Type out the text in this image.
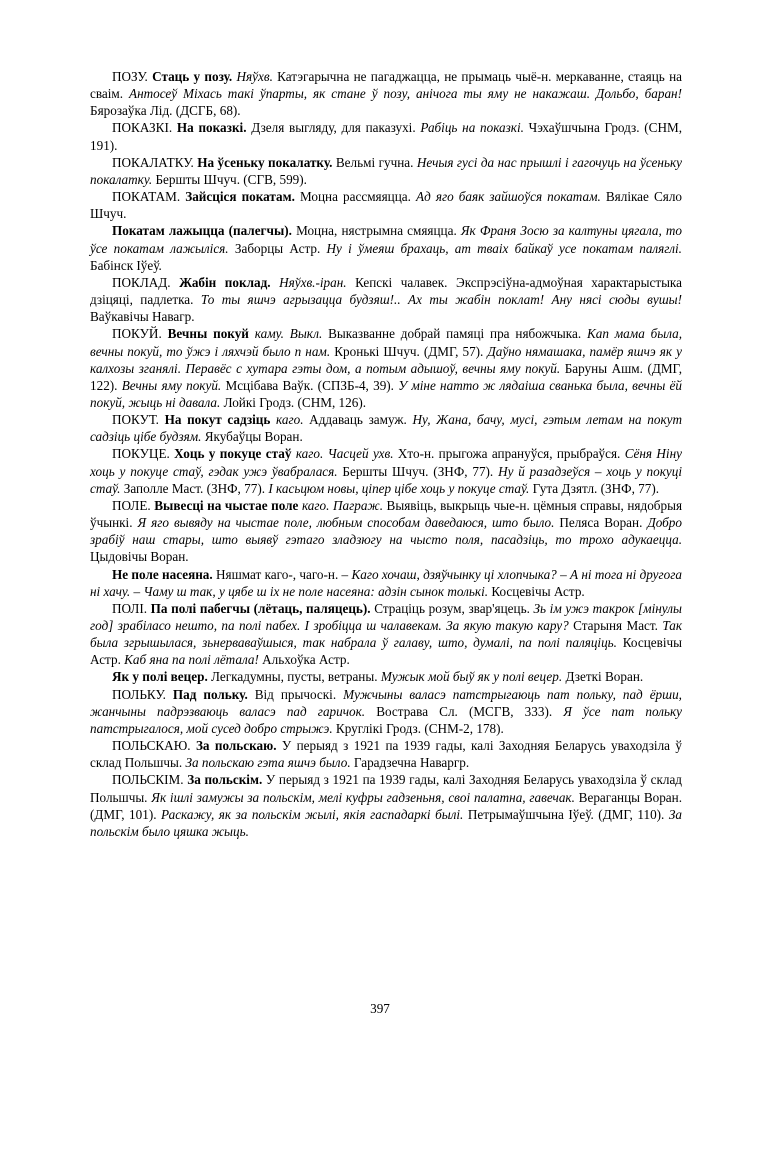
ПОЗУ. Стаць у позу. Няўхв. Катэгарычна не пагаджацца, не прымаць чыё-н. меркаванне, стаяць на сваім. Антосеў Міхась такі ўпарты, як стане ў позу, анічога ты яму не накажаш. Дольбо, баран! Бярозаўка Лід. (ДСГБ, 68).

ПОКАЗКІ. На показкі. Дзеля выгляду, для паказухі. Рабіць на показкі. Чэхаўшчына Гродз. (СНМ, 191).

ПОКАЛАТКУ. На ўсеньку покалатку. Вельмі гучна. Нечыя гусі да нас прышлі і гагочуць на ўсеньку покалатку. Бершты Шчуч. (СГВ, 599).

ПОКАТАМ. Зайсціся покатам. Моцна рассмяяцца. Ад яго баяк зайшоўся покатам. Вялікае Сяло Шчуч.

Покатам лажыцца (палегчы). Моцна, нястрымна смяяцца. Як Франя Зосю за калтуны цягала, то ўсе покатам лажыліся. Заборцы Астр. Ну і ўмеяш брахаць, ат тваіх байкаў усе покатам паляглі. Бабінск Іўеў.

ПОКЛАД. Жабін поклад. Няўхв.-іран. Кепскі чалавек. Экспрэсіўна-адмоўная характарыстыка дзіцяці, падлетка. То ты яшчэ агрызацца будзяш!.. Ах ты жабін поклат! Ану нясі сюды вушы! Ваўкавічы Навагр.

ПОКУЙ. Вечны покуй каму. Выкл. Выказванне добрай памяці пра нябожчыка. Кап мама была, вечны покуй, то ўжэ і ляхчэй было п нам. Кронькі Шчуч. (ДМГ, 57). Даўно нямашака, памёр яшчэ як у калхозы зганялі. Перавёс с хутара гэты дом, а потым адышоў, вечны яму покуй. Баруны Ашм. (ДМГ, 122). Вечны яму покуй. Мсцібава Ваўк. (СПЗБ-4, 39). У міне натто ж лядаіша сванька была, вечны ёй покуй, жыць ні давала. Лойкі Гродз. (СНМ, 126).

ПОКУТ. На покут садзіць каго. Аддаваць замуж. Ну, Жана, бачу, мусі, гэтым летам на покут садзіць цібе будзям. Якубаўцы Воран.

ПОКУЦЕ. Хоць у покуце стаў каго. Часцей ухв. Хто-н. прыгожа апрануўся, прыбраўся. Сёня Ніну хоць у покуце стаў, гэдак ужэ ўвабралася. Бершты Шчуч. (ЗНФ, 77). Ну й разадзеўся – хоць у покуці стаў. Заполле Маст. (ЗНФ, 77). І касьцюм новы, ціпер цібе хоць у покуце стаў. Гута Дзятл. (ЗНФ, 77).

ПОЛЕ. Вывесці на чыстае поле каго. Паграж. Выявіць, выкрыць чые-н. цёмныя справы, нядобрыя ўчынкі. Я яго вывяду на чыстае поле, любным способам даведаюся, што было. Пеляса Воран. Добро зрабіў наш стары, што выявў гэтаго зладзюгу на чысто поля, пасадзіць, то трохо адукаецца. Цыдовічы Воран.

Не поле насеяна. Няшмат каго-, чаго-н. – Каго хочаш, дзяўчынку ці хлопчыка? – А ні тога ні другога ні хачу. – Чаму ш так, у цябе ш іх не поле насеяна: адзін сынок толькі. Косцевічы Астр.

ПОЛІ. Па полі пабегчы (лётаць, паляцець). Страціць розум, звар'яцець. Зь ім ужэ такрок [мінулы год] зрабілaсо нешто, па полі пабех. І зробіцца ш чалавекам. За якую такую кару? Старыня Маст. Так была згрышылася, зьнервавaўшыся, так набрала ў галаву, што, думалі, па полі паляціць. Косцевічы Астр. Каб яна па полі лётала! Альхоўка Астр.

Як у полі вецер. Легкадумны, пусты, ветраны. Мужык мой быў як у полі вецер. Дзеткі Воран.

ПОЛЬКУ. Пад польку. Від прычоскі. Мужчыны валасэ патстрыгаюць пат польку, пад ёрши, жанчыны падрэзваюць валасэ пад гаричок. Вострава Сл. (МСГВ, 333). Я ўсе пат полькy патстрыгалося, мой сусед добро стрыжэ. Круглікі Гродз. (СНМ-2, 178).

ПОЛЬСКАЮ. За польскаю. У перыяд з 1921 па 1939 гады, калі Заходняя Беларусь уваходзіла ў склад Польшчы. За польскаю гэта яшчэ было. Гарадзечна Наваргр.

ПОЛЬСКІМ. За польскім. У перыяд з 1921 па 1939 гады, калі Заходняя Беларусь уваходзіла ў склад Польшчы. Як ішлі замужы за польскім, мелі куфры гадзеньня, свoі палатна, гавечак. Вераганцы Воран. (ДМГ, 101). Раскажу, як за польскім жылі, якія гаспадаркі былі. Петрымаўшчына Іўеў. (ДМГ, 110). За польскім было цяшка жыць.

397
